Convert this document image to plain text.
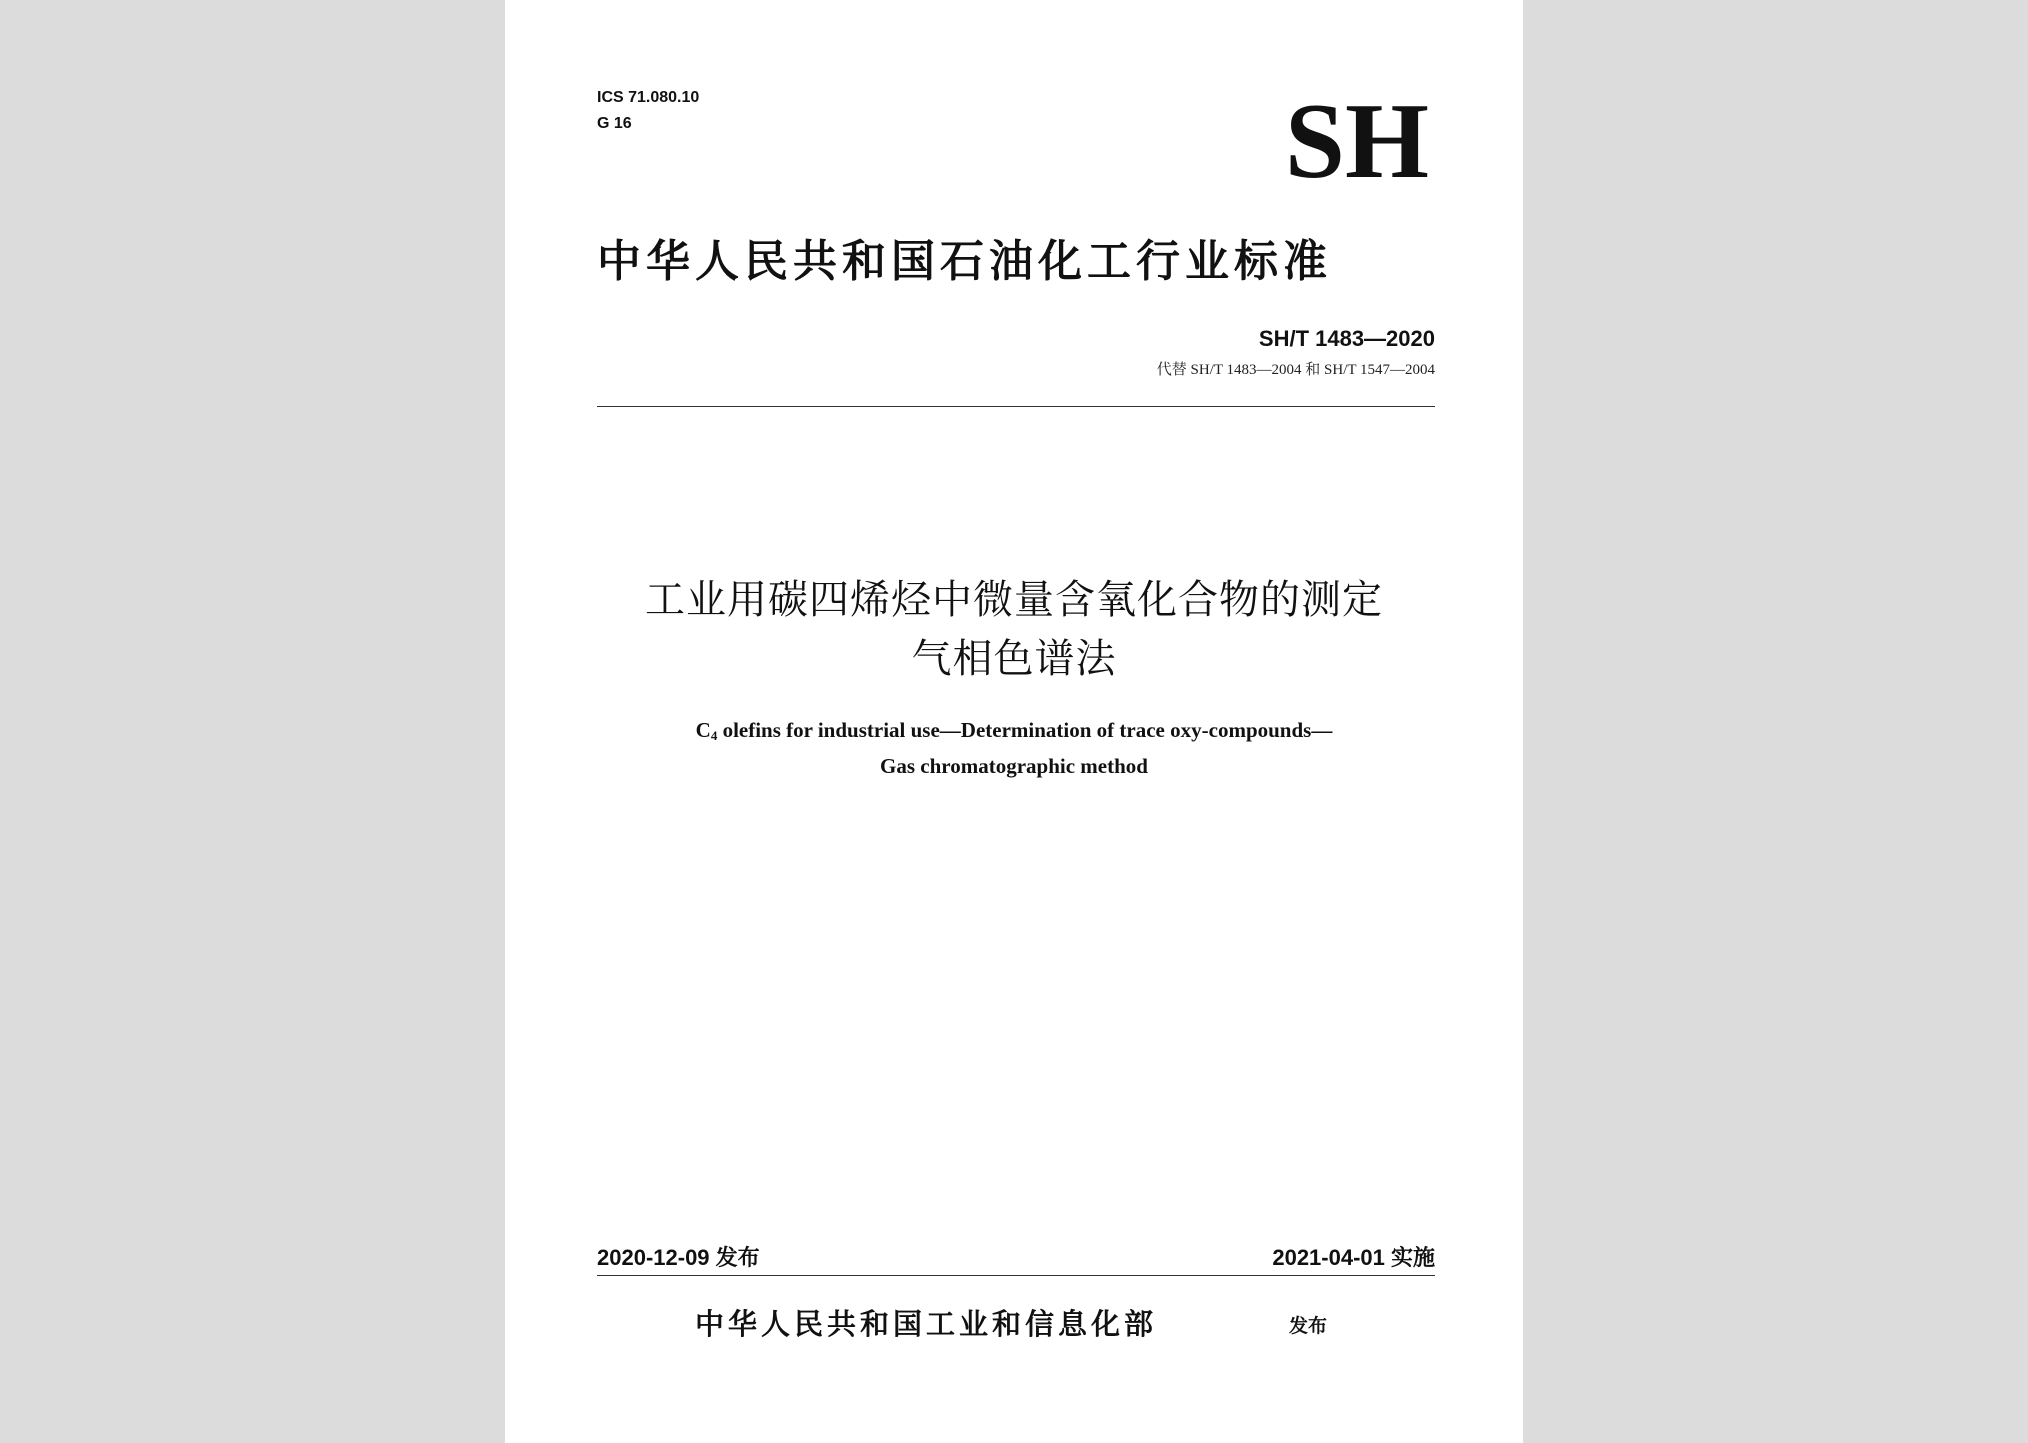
ICS 71.080.10
G 16	SH
中华人民共和国石油化工行业标准
SH/T 1483—2020
代替 SH/T 1483—2004 和 SH/T 1547—2004
工业用碳四烯烃中微量含氧化合物的测定
气相色谱法
$C_4$ olefins for industrial use—Determination of trace oxy-compounds—
Gas chromatographic method
2020-12-09 发布	2021-04-01 实施
中华人民共和国工业和信息化部	发布
